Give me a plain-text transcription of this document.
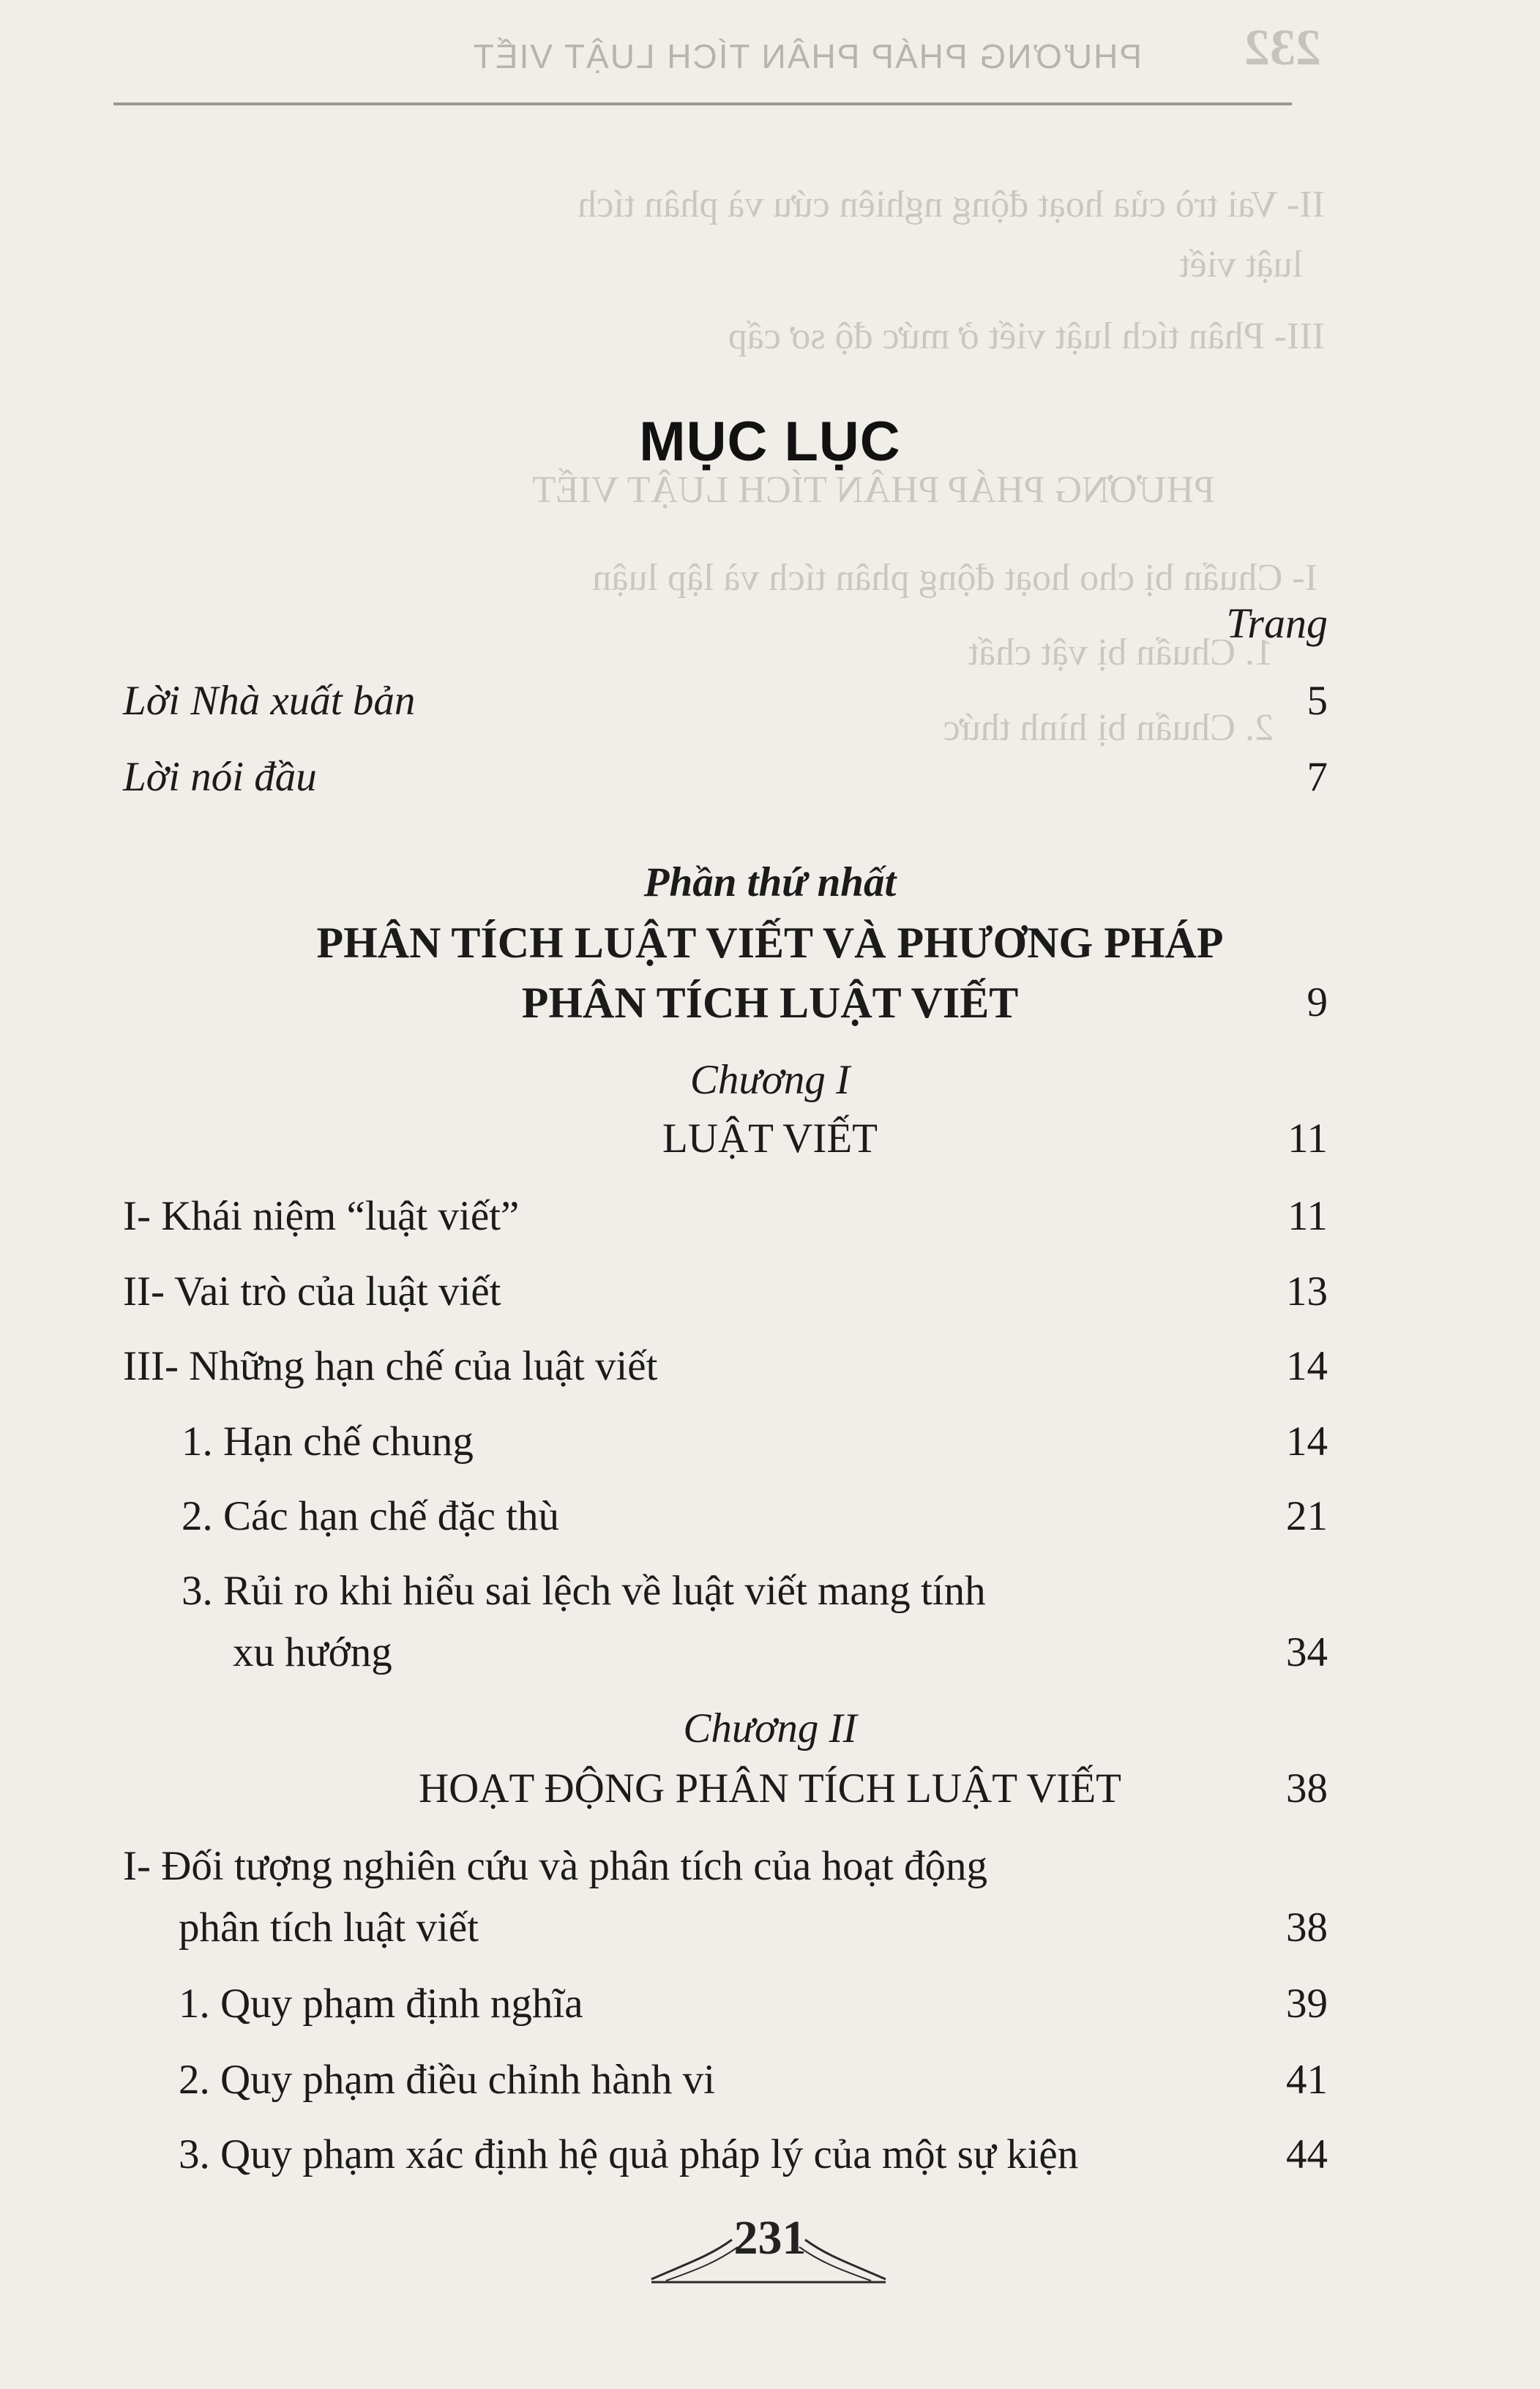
PHƯƠNG PHÁP PHÂN TÍCH LUẬT VIẾT	232
II- Vai trò của hoạt động nghiên cứu và phân tích
luật viết
III- Phân tích luật viết ở mức độ sơ cấp
PHƯƠNG PHÁP PHÂN TÍCH LUẬT VIẾT
I- Chuẩn bị cho hoạt động phân tích và lập luận
1. Chuẩn bị vật chất
2. Chuẩn bị hình thức
MỤC LỤC
Trang
Lời Nhà xuất bản	5
Lời nói đầu	7
Phần thứ nhất
PHÂN TÍCH LUẬT VIẾT VÀ PHƯƠNG PHÁP
PHÂN TÍCH LUẬT VIẾT	9
Chương I
LUẬT VIẾT	11
I- Khái niệm “luật viết”	11
II- Vai trò của luật viết	13
III- Những hạn chế của luật viết	14
1. Hạn chế chung	14
2. Các hạn chế đặc thù	21
3. Rủi ro khi hiểu sai lệch về luật viết mang tính
xu hướng	34
Chương II
HOẠT ĐỘNG PHÂN TÍCH LUẬT VIẾT	38
I- Đối tượng nghiên cứu và phân tích của hoạt động
phân tích luật viết	38
1. Quy phạm định nghĩa	39
2. Quy phạm điều chỉnh hành vi	41
3. Quy phạm xác định hệ quả pháp lý của một sự kiện	44
231
